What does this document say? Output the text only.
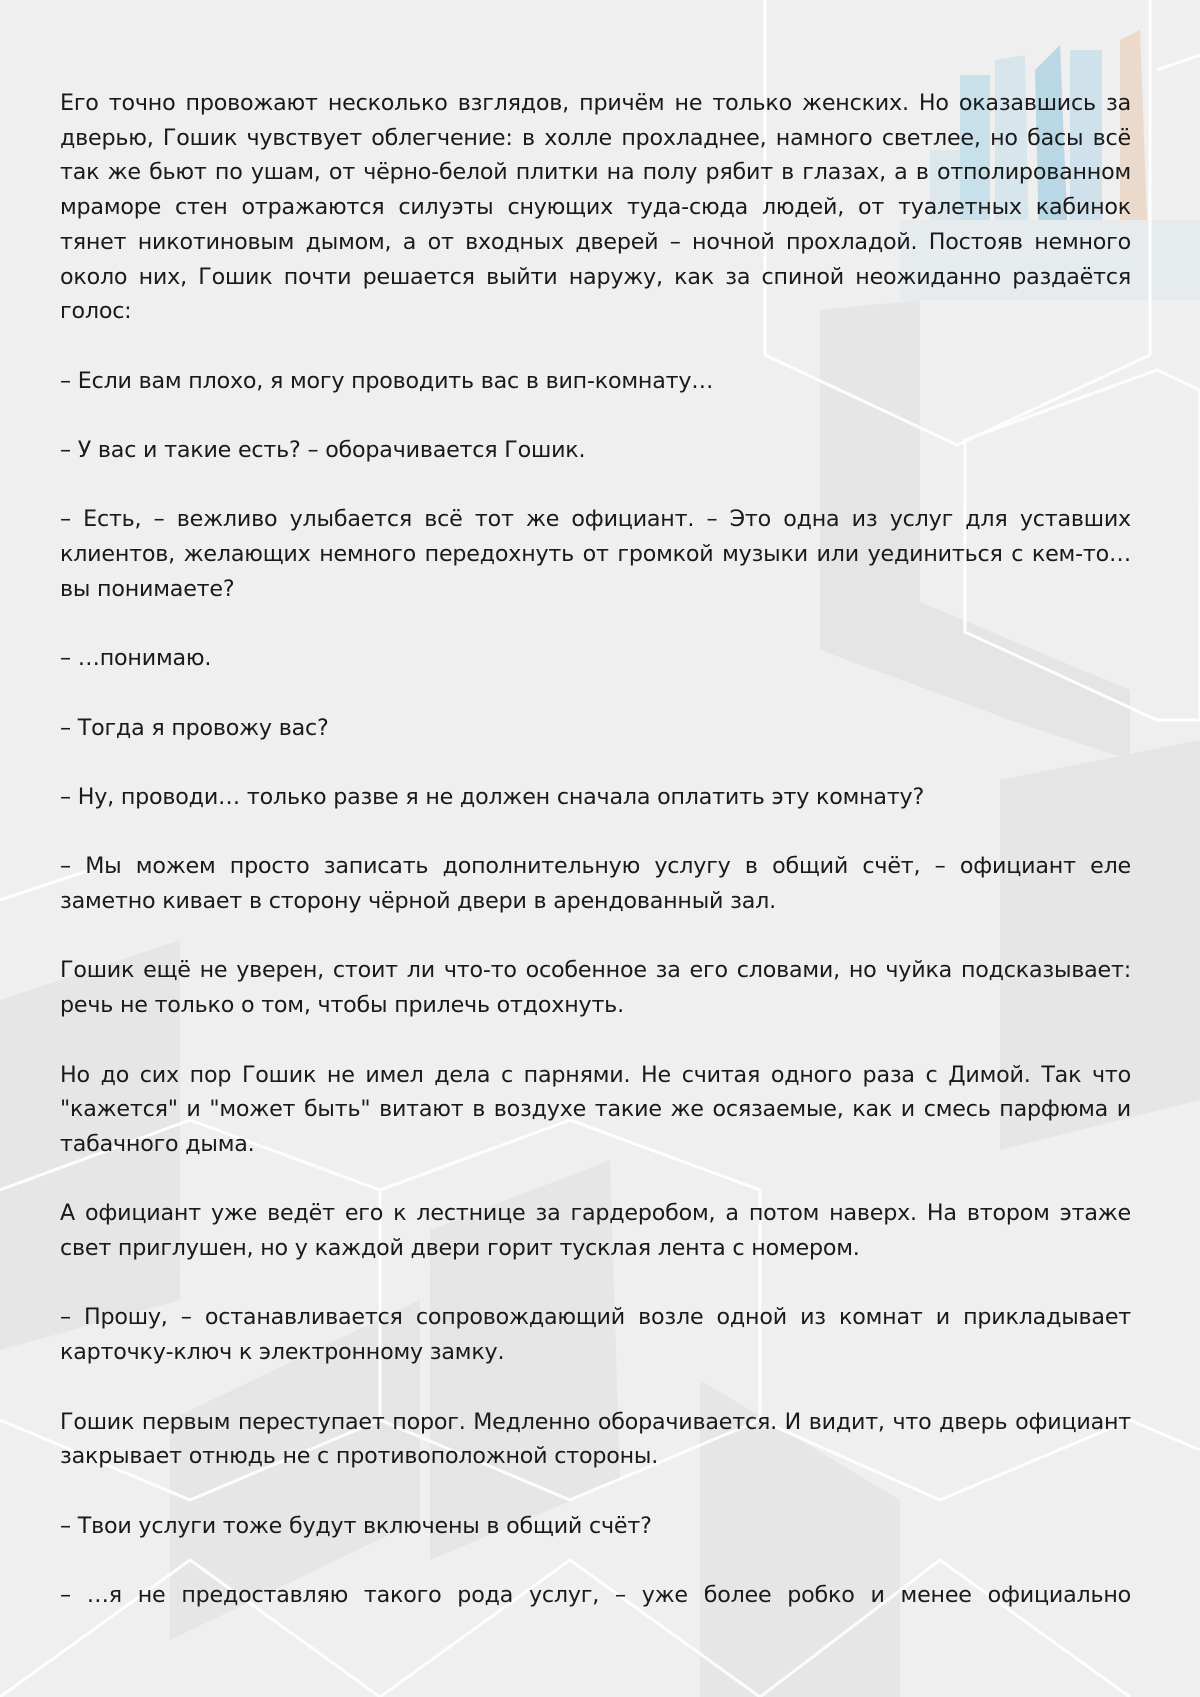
Его точно провожают несколько взглядов, причём не только женских. Но оказавшись за дверью, Гошик чувствует облегчение: в холле прохладнее, намного светлее, но басы всё так же бьют по ушам, от чёрно-белой плитки на полу рябит в глазах, а в отполированном мраморе стен отражаются силуэты снующих туда-сюда людей, от туалетных кабинок тянет никотиновым дымом, а от входных дверей – ночной прохладой. Постояв немного около них, Гошик почти решается выйти наружу, как за спиной неожиданно раздаётся голос:

– Если вам плохо, я могу проводить вас в вип-комнату…

– У вас и такие есть? – оборачивается Гошик.

– Есть, – вежливо улыбается всё тот же официант. – Это одна из услуг для уставших клиентов, желающих немного передохнуть от громкой музыки или уединиться с кем-то… вы понимаете?

– …понимаю.

– Тогда я провожу вас?

– Ну, проводи… только разве я не должен сначала оплатить эту комнату?

– Мы можем просто записать дополнительную услугу в общий счёт, – официант еле заметно кивает в сторону чёрной двери в арендованный зал.

Гошик ещё не уверен, стоит ли что-то особенное за его словами, но чуйка подсказывает: речь не только о том, чтобы прилечь отдохнуть.

Но до сих пор Гошик не имел дела с парнями. Не считая одного раза с Димой. Так что "кажется" и "может быть" витают в воздухе такие же осязаемые, как и смесь парфюма и табачного дыма.

А официант уже ведёт его к лестнице за гардеробом, а потом наверх. На втором этаже свет приглушен, но у каждой двери горит тусклая лента с номером.

– Прошу, – останавливается сопровождающий возле одной из комнат и прикладывает карточку-ключ к электронному замку.

Гошик первым переступает порог. Медленно оборачивается. И видит, что дверь официант закрывает отнюдь не с противоположной стороны.

– Твои услуги тоже будут включены в общий счёт?

– …я не предоставляю такого рода услуг, – уже более робко и менее официально
